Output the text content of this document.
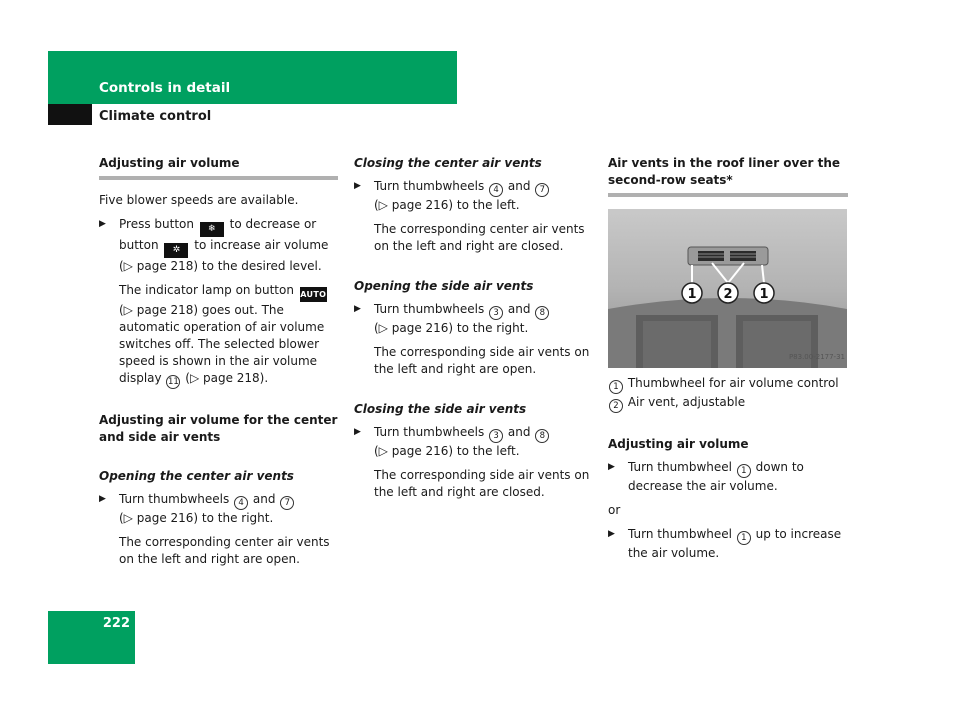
Controls in detail
Climate control
Adjusting air volume

Five blower speeds are available.

▶ Press button ❄ to decrease or button ✲ to increase air volume (▷ page 218) to the desired level.
The indicator lamp on button AUTO (▷ page 218) goes out. The automatic operation of air volume switches off. The selected blower speed is shown in the air volume display 11 (▷ page 218).
Adjusting air volume for the center and side air vents
Opening the center air vents
▶ Turn thumbwheels 4 and 7
(▷ page 216) to the right.
The corresponding center air vents on the left and right are open.
Closing the center air vents
▶ Turn thumbwheels 4 and 7
(▷ page 216) to the left.
The corresponding center air vents on the left and right are closed.
Opening the side air vents
▶ Turn thumbwheels 3 and 8
(▷ page 216) to the right.
The corresponding side air vents on the left and right are open.
Closing the side air vents
▶ Turn thumbwheels 3 and 8
(▷ page 216) to the left.
The corresponding side air vents on the left and right are closed.
Air vents in the roof liner over the second-row seats*
1 2 1
P83.00-2177-31
1 Thumbwheel for air volume control
2 Air vent, adjustable
Adjusting air volume
▶ Turn thumbwheel 1 down to decrease the air volume.

or

▶ Turn thumbwheel 1 up to increase the air volume.
222
